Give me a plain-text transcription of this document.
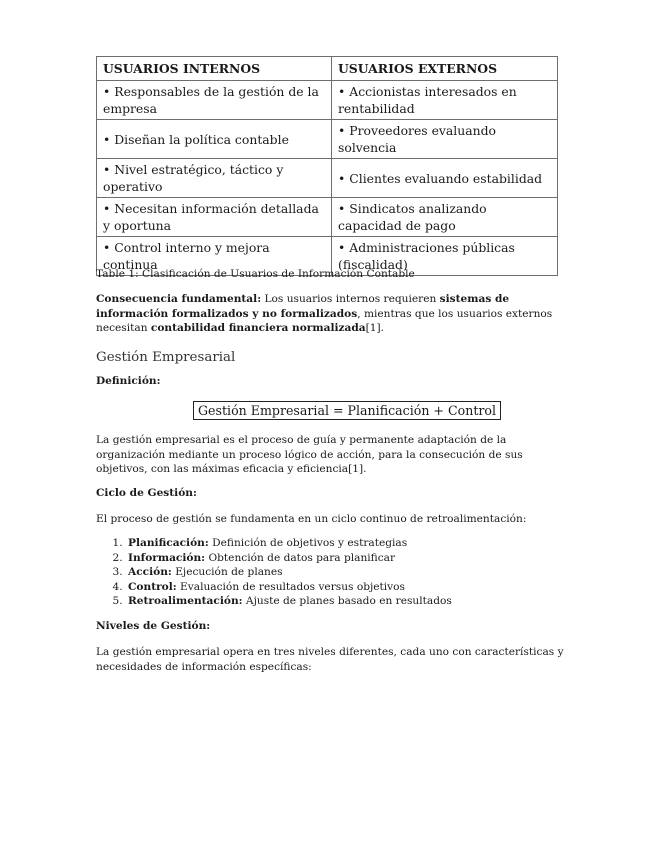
USUARIOS INTERNOS	USUARIOS EXTERNOS
• Responsables de la gestión de la empresa	• Accionistas interesados en rentabilidad
• Diseñan la política contable	• Proveedores evaluando solvencia
• Nivel estratégico, táctico y operativo	• Clientes evaluando estabilidad
• Necesitan información detallada y oportuna	• Sindicatos analizando capacidad de pago
• Control interno y mejora continua	• Administraciones públicas (fiscalidad)
Table 1: Clasificación de Usuarios de Información Contable
Consecuencia fundamental: Los usuarios internos requieren sistemas de información formalizados y no formalizados, mientras que los usuarios externos necesitan contabilidad financiera normalizada[1].
Gestión Empresarial
Definición:
Gestión Empresarial = Planificación + Control
La gestión empresarial es el proceso de guía y permanente adaptación de la organización mediante un proceso lógico de acción, para la consecución de sus objetivos, con las máximas eficacia y eficiencia[1].
Ciclo de Gestión:
El proceso de gestión se fundamenta en un ciclo continuo de retroalimentación:
1. Planificación: Definición de objetivos y estrategias
2. Información: Obtención de datos para planificar
3. Acción: Ejecución de planes
4. Control: Evaluación de resultados versus objetivos
5. Retroalimentación: Ajuste de planes basado en resultados
Niveles de Gestión:
La gestión empresarial opera en tres niveles diferentes, cada uno con características y necesidades de información específicas:
